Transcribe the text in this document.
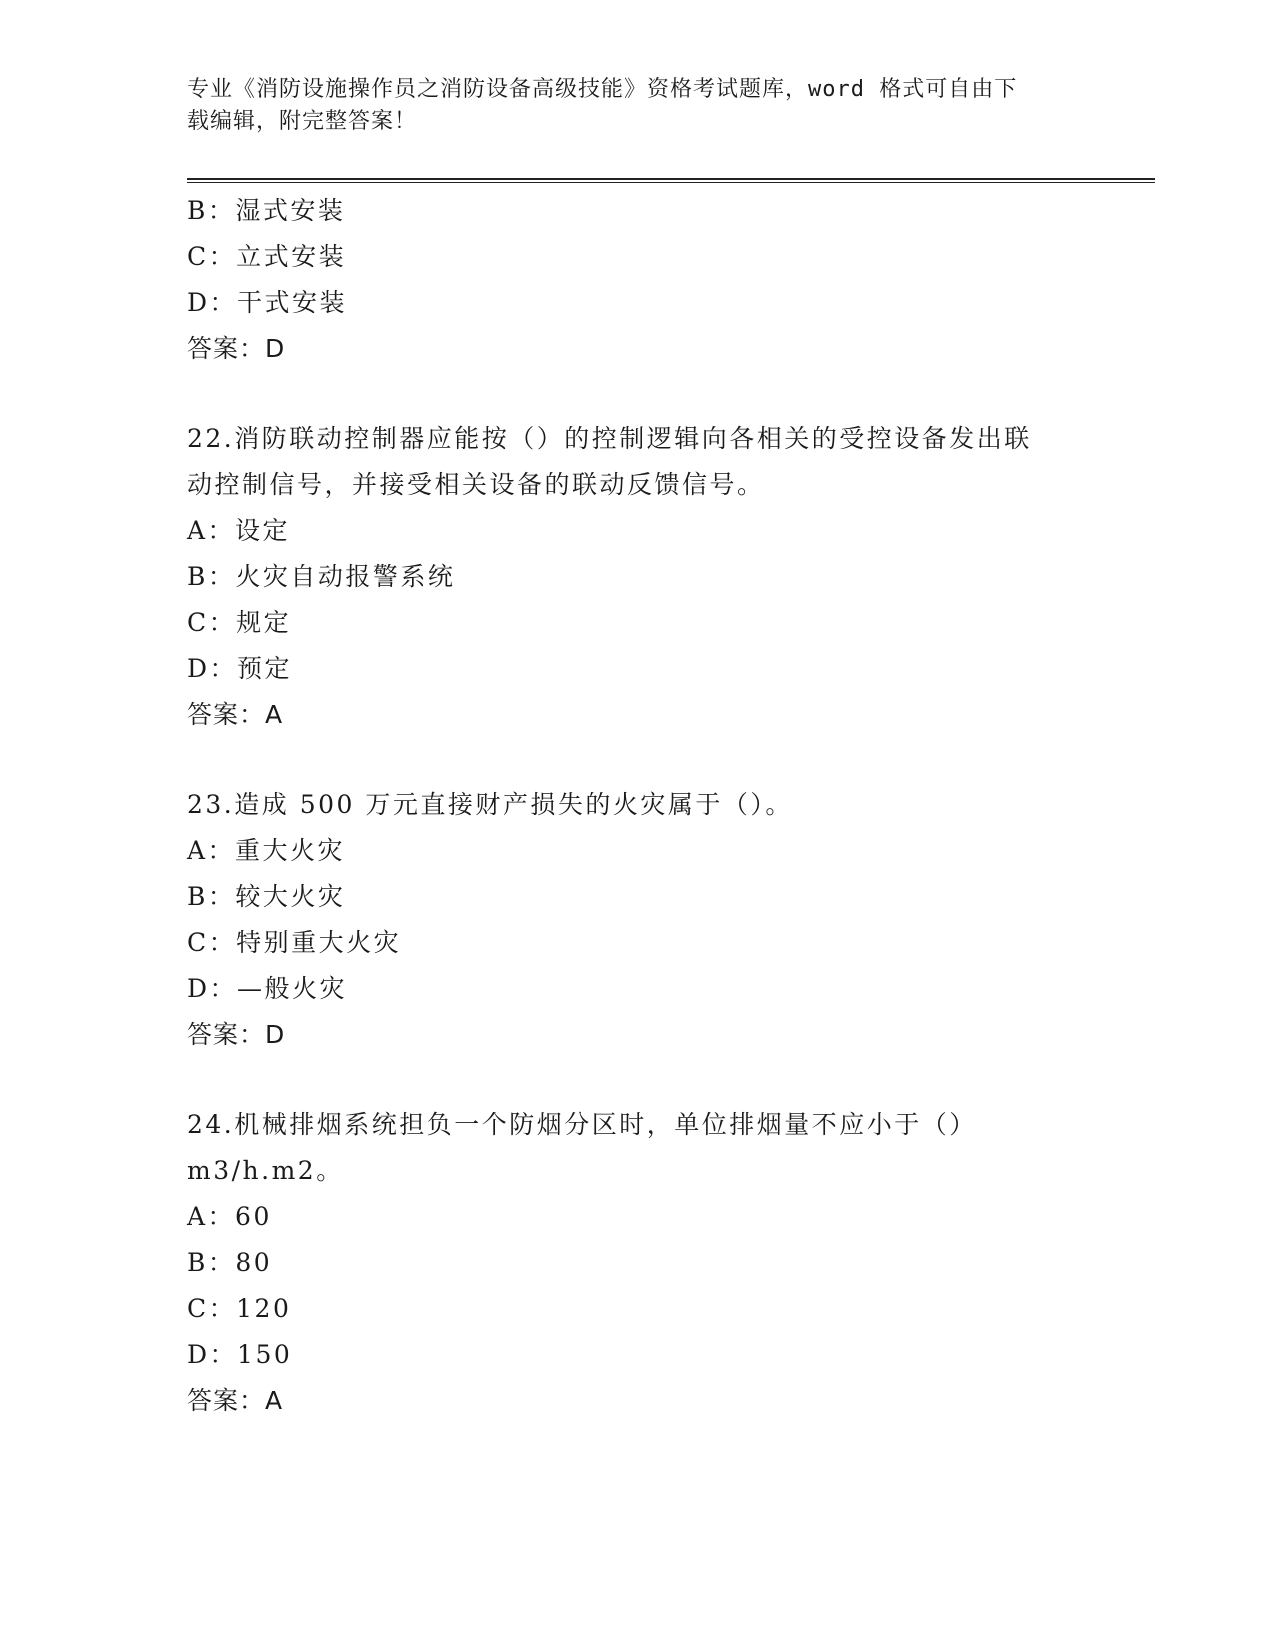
专业《消防设施操作员之消防设备高级技能》资格考试题库，word 格式可自由下
载编辑，附完整答案！
B：湿式安装
C：立式安装
D：干式安装
答案：D
22.消防联动控制器应能按（）的控制逻辑向各相关的受控设备发出联
动控制信号，并接受相关设备的联动反馈信号。
A：设定
B：火灾自动报警系统
C：规定
D：预定
答案：A
23.造成 500 万元直接财产损失的火灾属于（）。
A：重大火灾
B：较大火灾
C：特别重大火灾
D：—般火灾
答案：D
24.机械排烟系统担负一个防烟分区时，单位排烟量不应小于（）
m3/h.m2。
A：60
B：80
C：120
D：150
答案：A
